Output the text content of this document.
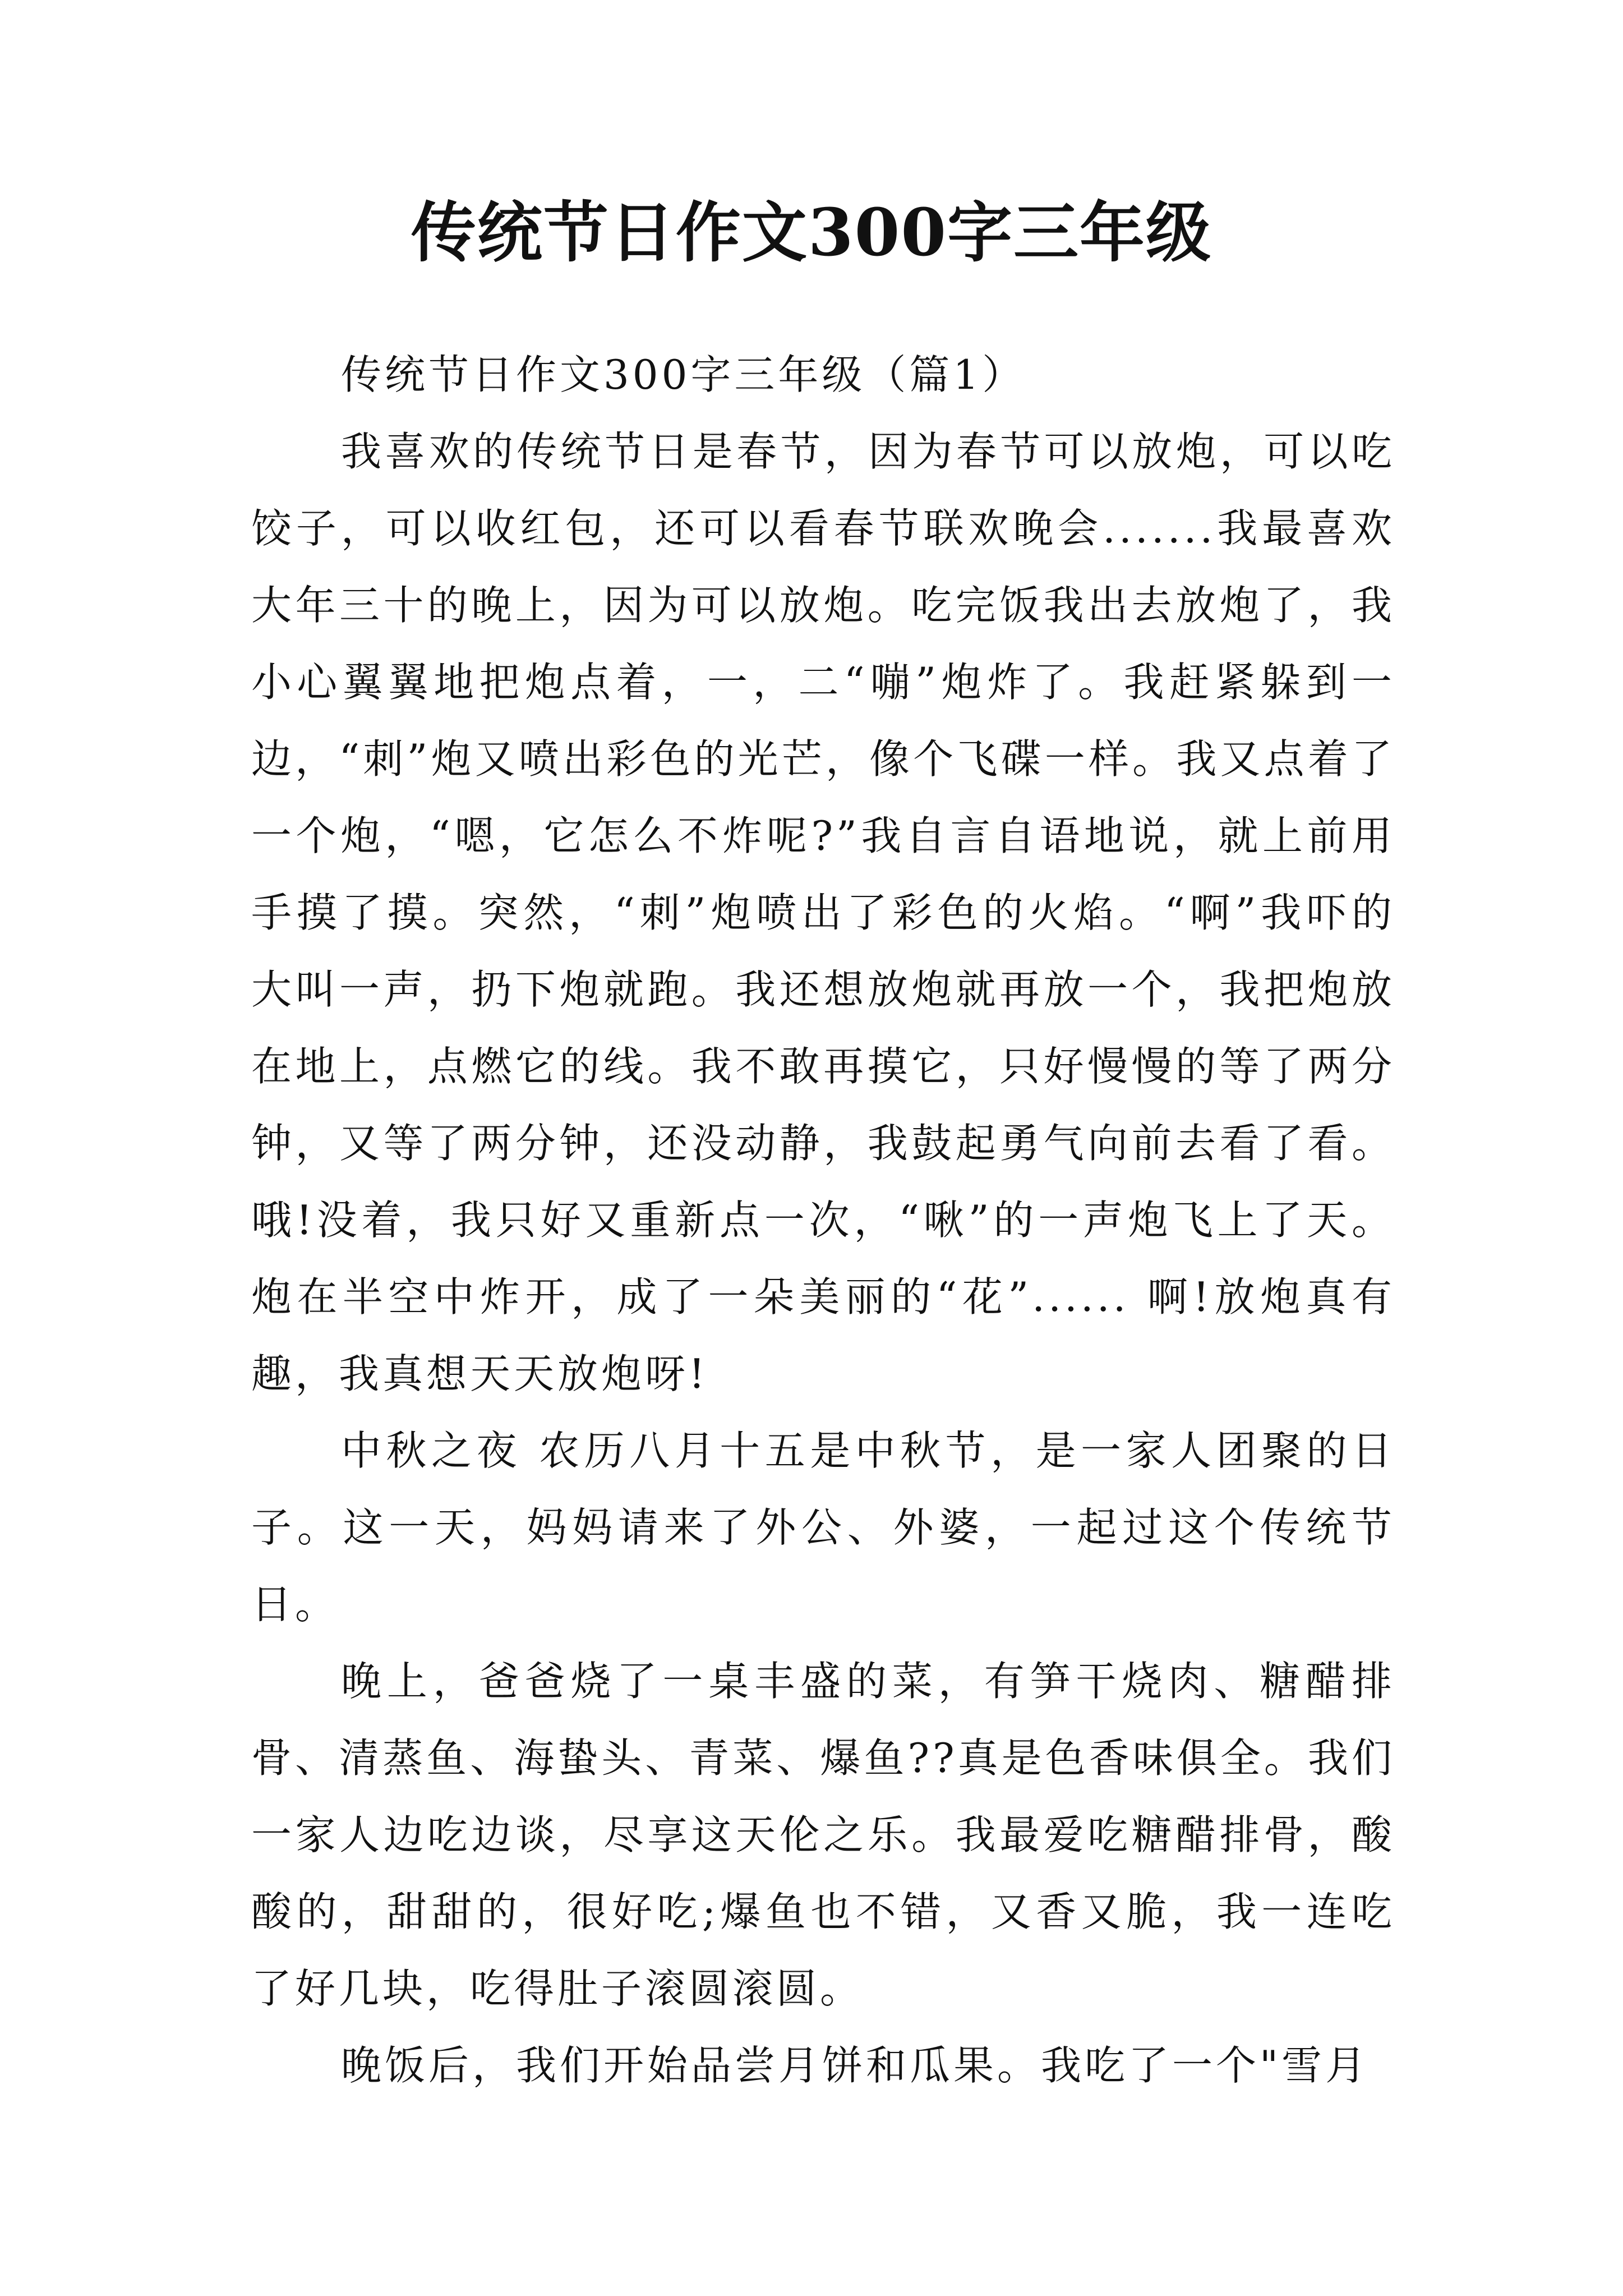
传统节日作文300字三年级

传统节日作文300字三年级（篇1）

我喜欢的传统节日是春节，因为春节可以放炮，可以吃饺子，可以收红包，还可以看春节联欢晚会.......我最喜欢大年三十的晚上，因为可以放炮。吃完饭我出去放炮了，我小心翼翼地把炮点着，一，二“嘣”炮炸了。我赶紧躲到一边，“刺”炮又喷出彩色的光芒，像个飞碟一样。我又点着了一个炮，“嗯，它怎么不炸呢?”我自言自语地说，就上前用手摸了摸。突然，“刺”炮喷出了彩色的火焰。“啊”我吓的大叫一声，扔下炮就跑。我还想放炮就再放一个，我把炮放在地上，点燃它的线。我不敢再摸它，只好慢慢的等了两分钟，又等了两分钟，还没动静，我鼓起勇气向前去看了看。哦!没着，我只好又重新点一次，“啾”的一声炮飞上了天。炮在半空中炸开，成了一朵美丽的“花”...... 啊!放炮真有趣，我真想天天放炮呀!

中秋之夜 农历八月十五是中秋节，是一家人团聚的日子。这一天，妈妈请来了外公、外婆，一起过这个传统节日。

晚上，爸爸烧了一桌丰盛的菜，有笋干烧肉、糖醋排骨、清蒸鱼、海蛰头、青菜、爆鱼??真是色香味俱全。我们一家人边吃边谈，尽享这天伦之乐。我最爱吃糖醋排骨，酸酸的，甜甜的，很好吃;爆鱼也不错，又香又脆，我一连吃了好几块，吃得肚子滚圆滚圆。

晚饭后，我们开始品尝月饼和瓜果。我吃了一个"雪月
